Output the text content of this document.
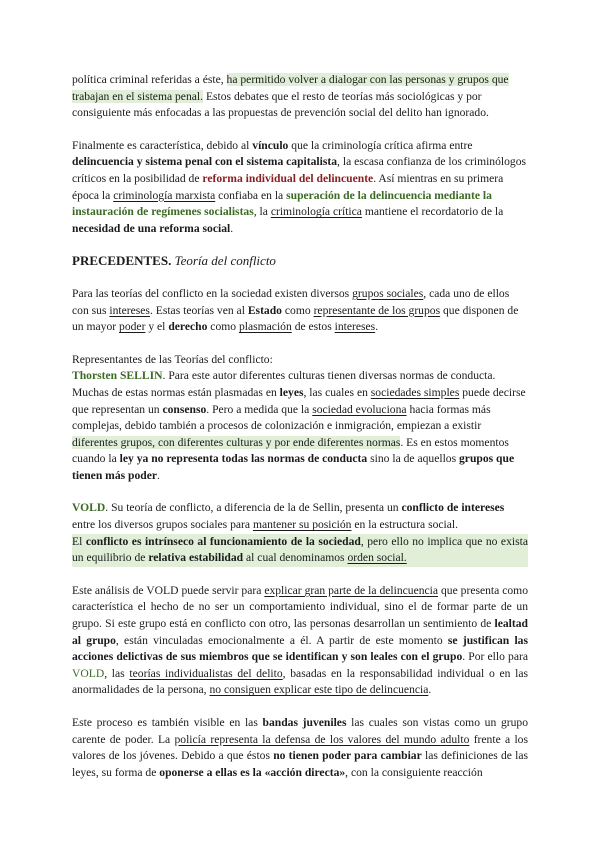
política criminal referidas a éste, ha permitido volver a dialogar con las personas y grupos que trabajan en el sistema penal. Estos debates que el resto de teorías más sociológicas y por consiguiente más enfocadas a las propuestas de prevención social del delito han ignorado.

Finalmente es característica, debido al vínculo que la criminología crítica afirma entre delincuencia y sistema penal con el sistema capitalista, la escasa confianza de los criminólogos críticos en la posibilidad de reforma individual del delincuente. Así mientras en su primera época la criminología marxista confiaba en la superación de la delincuencia mediante la instauración de regímenes socialistas, la criminología crítica mantiene el recordatorio de la necesidad de una reforma social.

PRECEDENTES. Teoría del conflicto

Para las teorías del conflicto en la sociedad existen diversos grupos sociales, cada uno de ellos con sus intereses. Estas teorías ven al Estado como representante de los grupos que disponen de un mayor poder y el derecho como plasmación de estos intereses.

Representantes de las Teorías del conflicto:
Thorsten SELLIN. Para este autor diferentes culturas tienen diversas normas de conducta. Muchas de estas normas están plasmadas en leyes, las cuales en sociedades simples puede decirse que representan un consenso. Pero a medida que la sociedad evoluciona hacia formas más complejas, debido también a procesos de colonización e inmigración, empiezan a existir diferentes grupos, con diferentes culturas y por ende diferentes normas. Es en estos momentos cuando la ley ya no representa todas las normas de conducta sino la de aquellos grupos que tienen más poder.

VOLD. Su teoría de conflicto, a diferencia de la de Sellin, presenta un conflicto de intereses entre los diversos grupos sociales para mantener su posición en la estructura social.

El conflicto es intrínseco al funcionamiento de la sociedad, pero ello no implica que no exista un equilibrio de relativa estabilidad al cual denominamos orden social.

Este análisis de VOLD puede servir para explicar gran parte de la delincuencia que presenta como característica el hecho de no ser un comportamiento individual, sino el de formar parte de un grupo. Si este grupo está en conflicto con otro, las personas desarrollan un sentimiento de lealtad al grupo, están vinculadas emocionalmente a él. A partir de este momento se justifican las acciones delictivas de sus miembros que se identifican y son leales con el grupo. Por ello para VOLD, las teorías individualistas del delito, basadas en la responsabilidad individual o en las anormalidades de la persona, no consiguen explicar este tipo de delincuencia.

Este proceso es también visible en las bandas juveniles las cuales son vistas como un grupo carente de poder. La policía representa la defensa de los valores del mundo adulto frente a los valores de los jóvenes. Debido a que éstos no tienen poder para cambiar las definiciones de las leyes, su forma de oponerse a ellas es la «acción directa», con la consiguiente reacción
